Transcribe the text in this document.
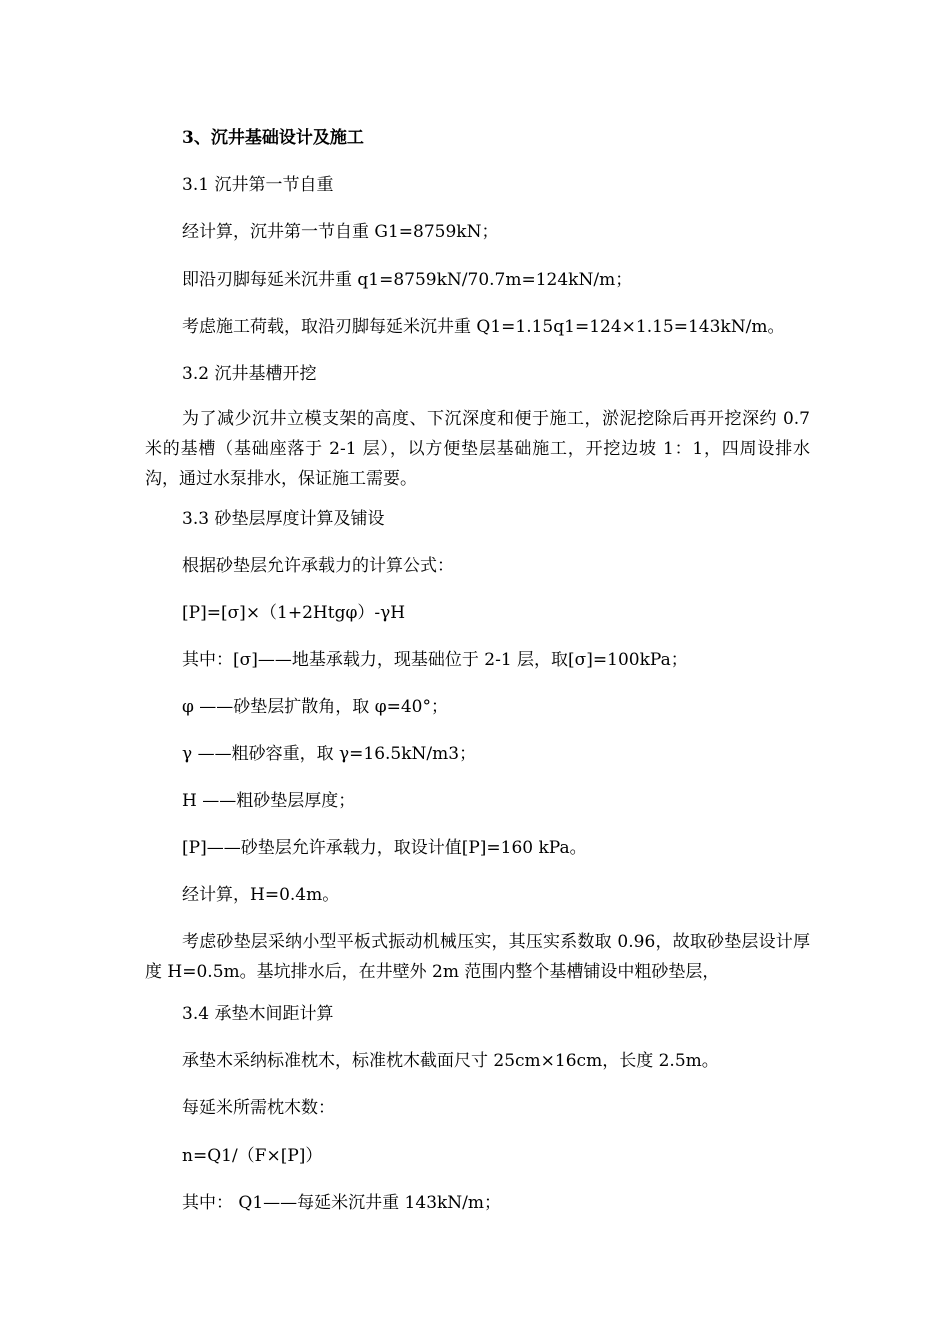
3、沉井基础设计及施工
3.1 沉井第一节自重
经计算，沉井第一节自重 G1=8759kN；
即沿刃脚每延米沉井重 q1=8759kN/70.7m=124kN/m；
考虑施工荷载，取沿刃脚每延米沉井重 Q1=1.15q1=124×1.15=143kN/m。
3.2 沉井基槽开挖
为了减少沉井立模支架的高度、下沉深度和便于施工，淤泥挖除后再开挖深约 0.7 米的基槽（基础座落于 2-1 层），以方便垫层基础施工，开挖边坡 1：1，四周设排水沟，通过水泵排水，保证施工需要。
3.3 砂垫层厚度计算及铺设
根据砂垫层允许承载力的计算公式：
[P]=[σ]×（1+2Htgφ）-γH
其中：[σ]——地基承载力，现基础位于 2-1 层，取[σ]=100kPa；
φ ——砂垫层扩散角，取 φ=40°；
γ ——粗砂容重，取 γ=16.5kN/m3；
H ——粗砂垫层厚度；
[P]——砂垫层允许承载力，取设计值[P]=160 kPa。
经计算，H=0.4m。
考虑砂垫层采纳小型平板式振动机械压实，其压实系数取 0.96，故取砂垫层设计厚度 H=0.5m。基坑排水后，在井壁外 2m 范围内整个基槽铺设中粗砂垫层，
3.4 承垫木间距计算
承垫木采纳标准枕木，标准枕木截面尺寸 25cm×16cm，长度 2.5m。
每延米所需枕木数：
n=Q1/（F×[P]）
其中： Q1——每延米沉井重 143kN/m；
